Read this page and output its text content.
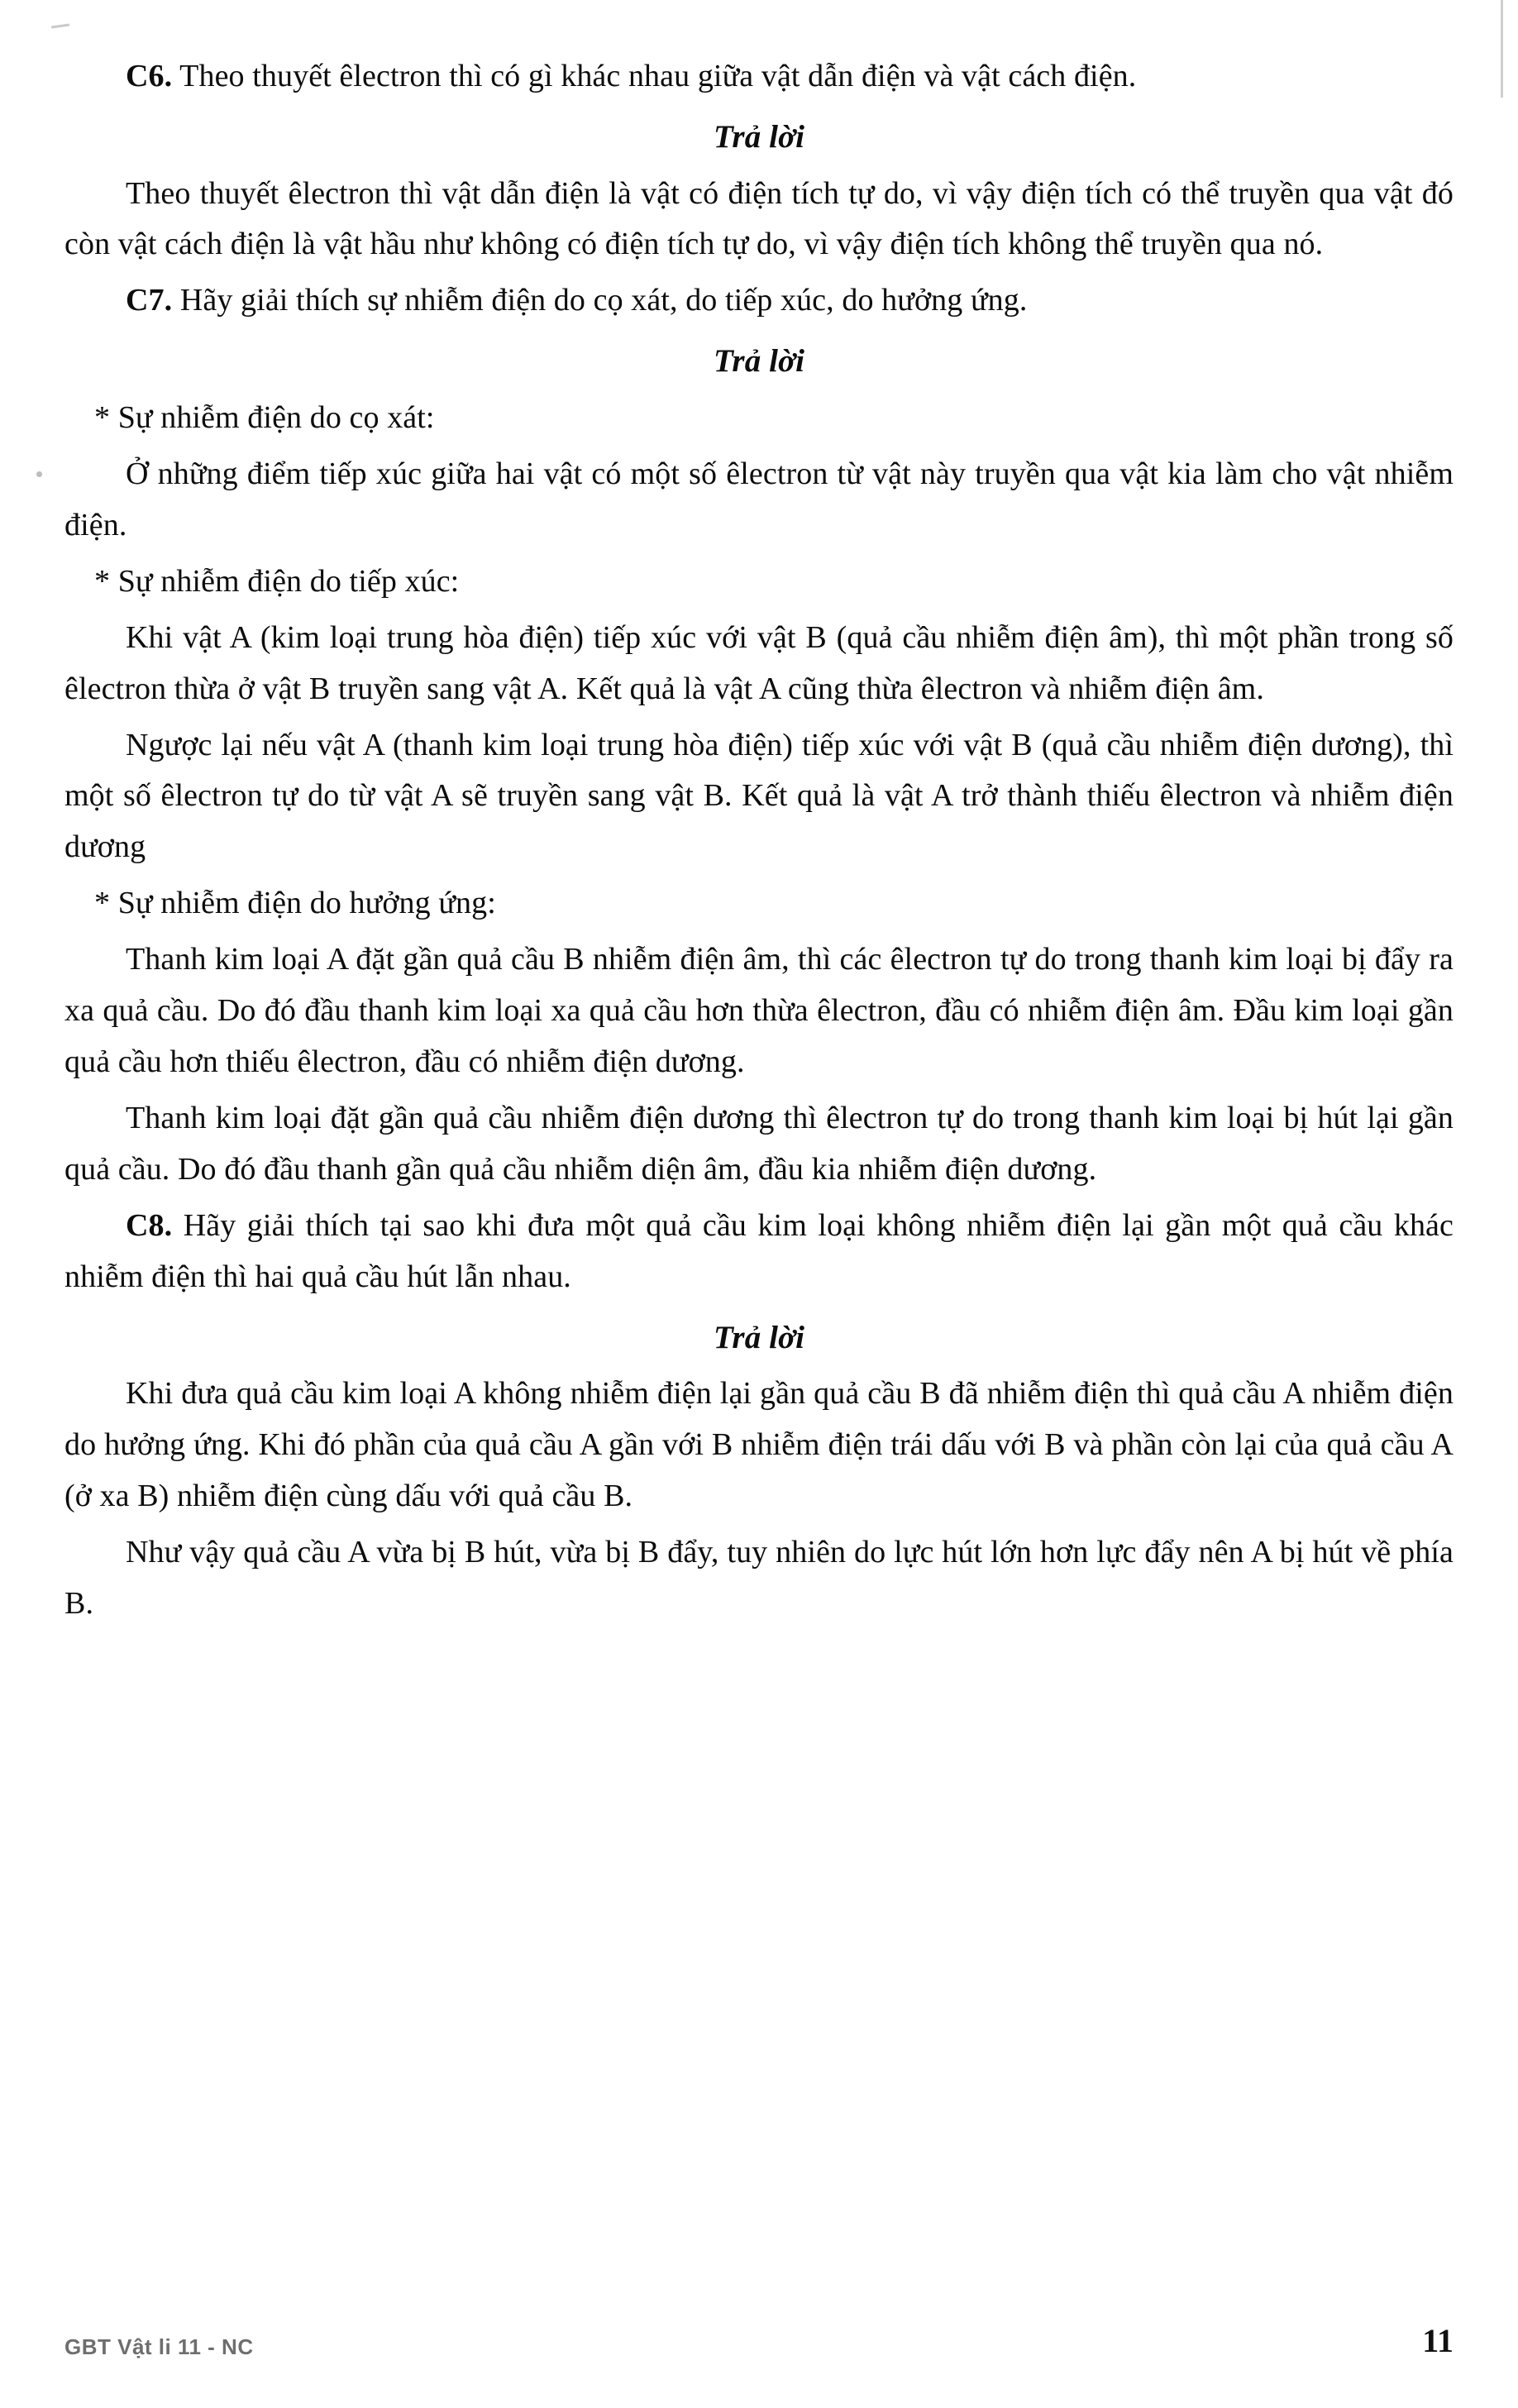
C6. Theo thuyết êlectron thì có gì khác nhau giữa vật dẫn điện và vật cách điện.

Trả lời

Theo thuyết êlectron thì vật dẫn điện là vật có điện tích tự do, vì vậy điện tích có thể truyền qua vật đó còn vật cách điện là vật hầu như không có điện tích tự do, vì vậy điện tích không thể truyền qua nó.

C7. Hãy giải thích sự nhiễm điện do cọ xát, do tiếp xúc, do hưởng ứng.

Trả lời

* Sự nhiễm điện do cọ xát:

Ở những điểm tiếp xúc giữa hai vật có một số êlectron từ vật này truyền qua vật kia làm cho vật nhiễm điện.

* Sự nhiễm điện do tiếp xúc:

Khi vật A (kim loại trung hòa điện) tiếp xúc với vật B (quả cầu nhiễm điện âm), thì một phần trong số êlectron thừa ở vật B truyền sang vật A. Kết quả là vật A cũng thừa êlectron và nhiễm điện âm.

Ngược lại nếu vật A (thanh kim loại trung hòa điện) tiếp xúc với vật B (quả cầu nhiễm điện dương), thì một số êlectron tự do từ vật A sẽ truyền sang vật B. Kết quả là vật A trở thành thiếu êlectron và nhiễm điện dương

* Sự nhiễm điện do hưởng ứng:

Thanh kim loại A đặt gần quả cầu B nhiễm điện âm, thì các êlectron tự do trong thanh kim loại bị đẩy ra xa quả cầu. Do đó đầu thanh kim loại xa quả cầu hơn thừa êlectron, đầu có nhiễm điện âm. Đầu kim loại gần quả cầu hơn thiếu êlectron, đầu có nhiễm điện dương.

Thanh kim loại đặt gần quả cầu nhiễm điện dương thì êlectron tự do trong thanh kim loại bị hút lại gần quả cầu. Do đó đầu thanh gần quả cầu nhiễm diện âm, đầu kia nhiễm điện dương.

C8. Hãy giải thích tại sao khi đưa một quả cầu kim loại không nhiễm điện lại gần một quả cầu khác nhiễm điện thì hai quả cầu hút lẫn nhau.

Trả lời

Khi đưa quả cầu kim loại A không nhiễm điện lại gần quả cầu B đã nhiễm điện thì quả cầu A nhiễm điện do hưởng ứng. Khi đó phần của quả cầu A gần với B nhiễm điện trái dấu với B và phần còn lại của quả cầu A (ở xa B) nhiễm điện cùng dấu với quả cầu B.

Như vậy quả cầu A vừa bị B hút, vừa bị B đẩy, tuy nhiên do lực hút lớn hơn lực đẩy nên A bị hút về phía B.

GBT Vật li 11 - NC	11
